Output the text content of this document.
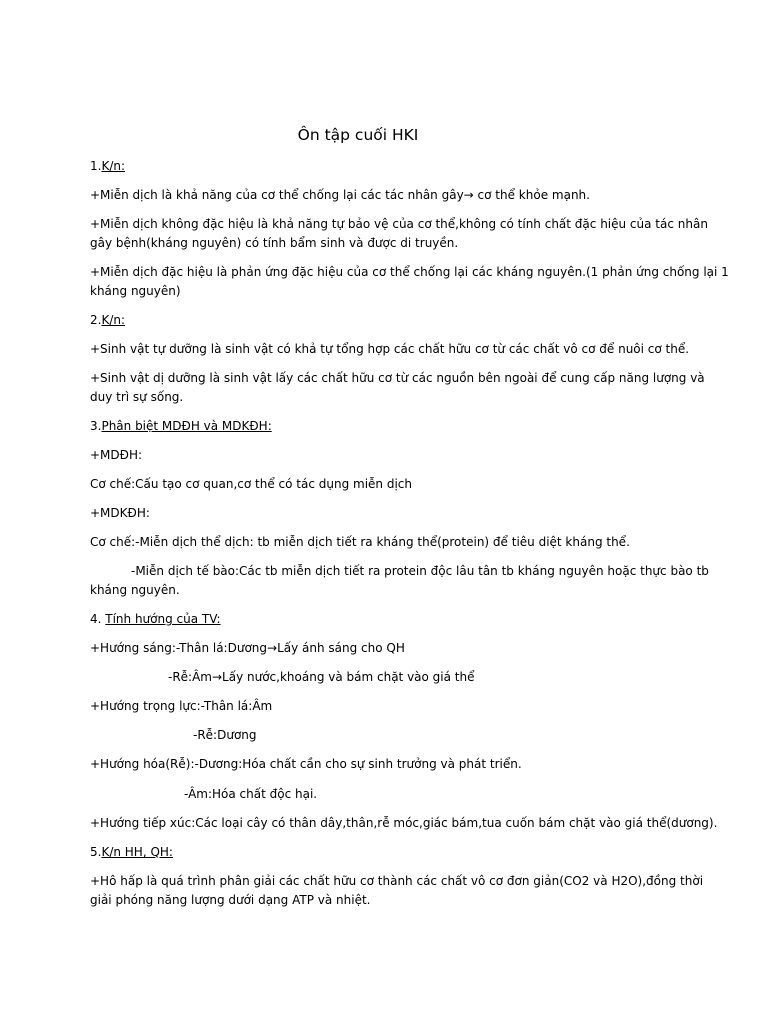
Ôn tập cuối HKI
1.K/n:
+Miễn dịch là khả năng của cơ thể chống lại các tác nhân gây→ cơ thể khỏe mạnh.
+Miễn dịch không đặc hiệu là khả năng tự bảo vệ của cơ thể,không có tính chất đặc hiệu của tác nhân
gây bệnh(kháng nguyên) có tính bẩm sinh và được di truyền.
+Miễn dịch đặc hiệu là phản ứng đặc hiệu của cơ thể chống lại các kháng nguyên.(1 phản ứng chống lại 1
kháng nguyên)
2.K/n:
+Sinh vật tự dưỡng là sinh vật có khả tự tổng hợp các chất hữu cơ từ các chất vô cơ để nuôi cơ thể.
+Sinh vật dị dưỡng là sinh vật lấy các chất hữu cơ từ các nguồn bên ngoài để cung cấp năng lượng và
duy trì sự sống.
3.Phân biệt MDĐH và MDKĐH:
+MDĐH:
Cơ chế:Cấu tạo cơ quan,cơ thể có tác dụng miễn dịch
+MDKĐH:
Cơ chế:-Miễn dịch thể dịch: tb miễn dịch tiết ra kháng thể(protein) để tiêu diệt kháng thể.
-Miễn dịch tế bào:Các tb miễn dịch tiết ra protein độc lâu tân tb kháng nguyên hoặc thực bào tb
kháng nguyên.
4. Tính hướng của TV:
+Hướng sáng:-Thân lá:Dương→Lấy ánh sáng cho QH
-Rễ:Âm→Lấy nước,khoáng và bám chặt vào giá thể
+Hướng trọng lực:-Thân lá:Âm
-Rễ:Dương
+Hướng hóa(Rễ):-Dương:Hóa chất cần cho sự sinh trưởng và phát triển.
-Âm:Hóa chất độc hại.
+Hướng tiếp xúc:Các loại cây có thân dây,thân,rễ móc,giác bám,tua cuốn bám chặt vào giá thể(dương).
5.K/n HH, QH:
+Hô hấp là quá trình phân giải các chất hữu cơ thành các chất vô cơ đơn giản(CO2 và H2O),đồng thời
giải phóng năng lượng dưới dạng ATP và nhiệt.
